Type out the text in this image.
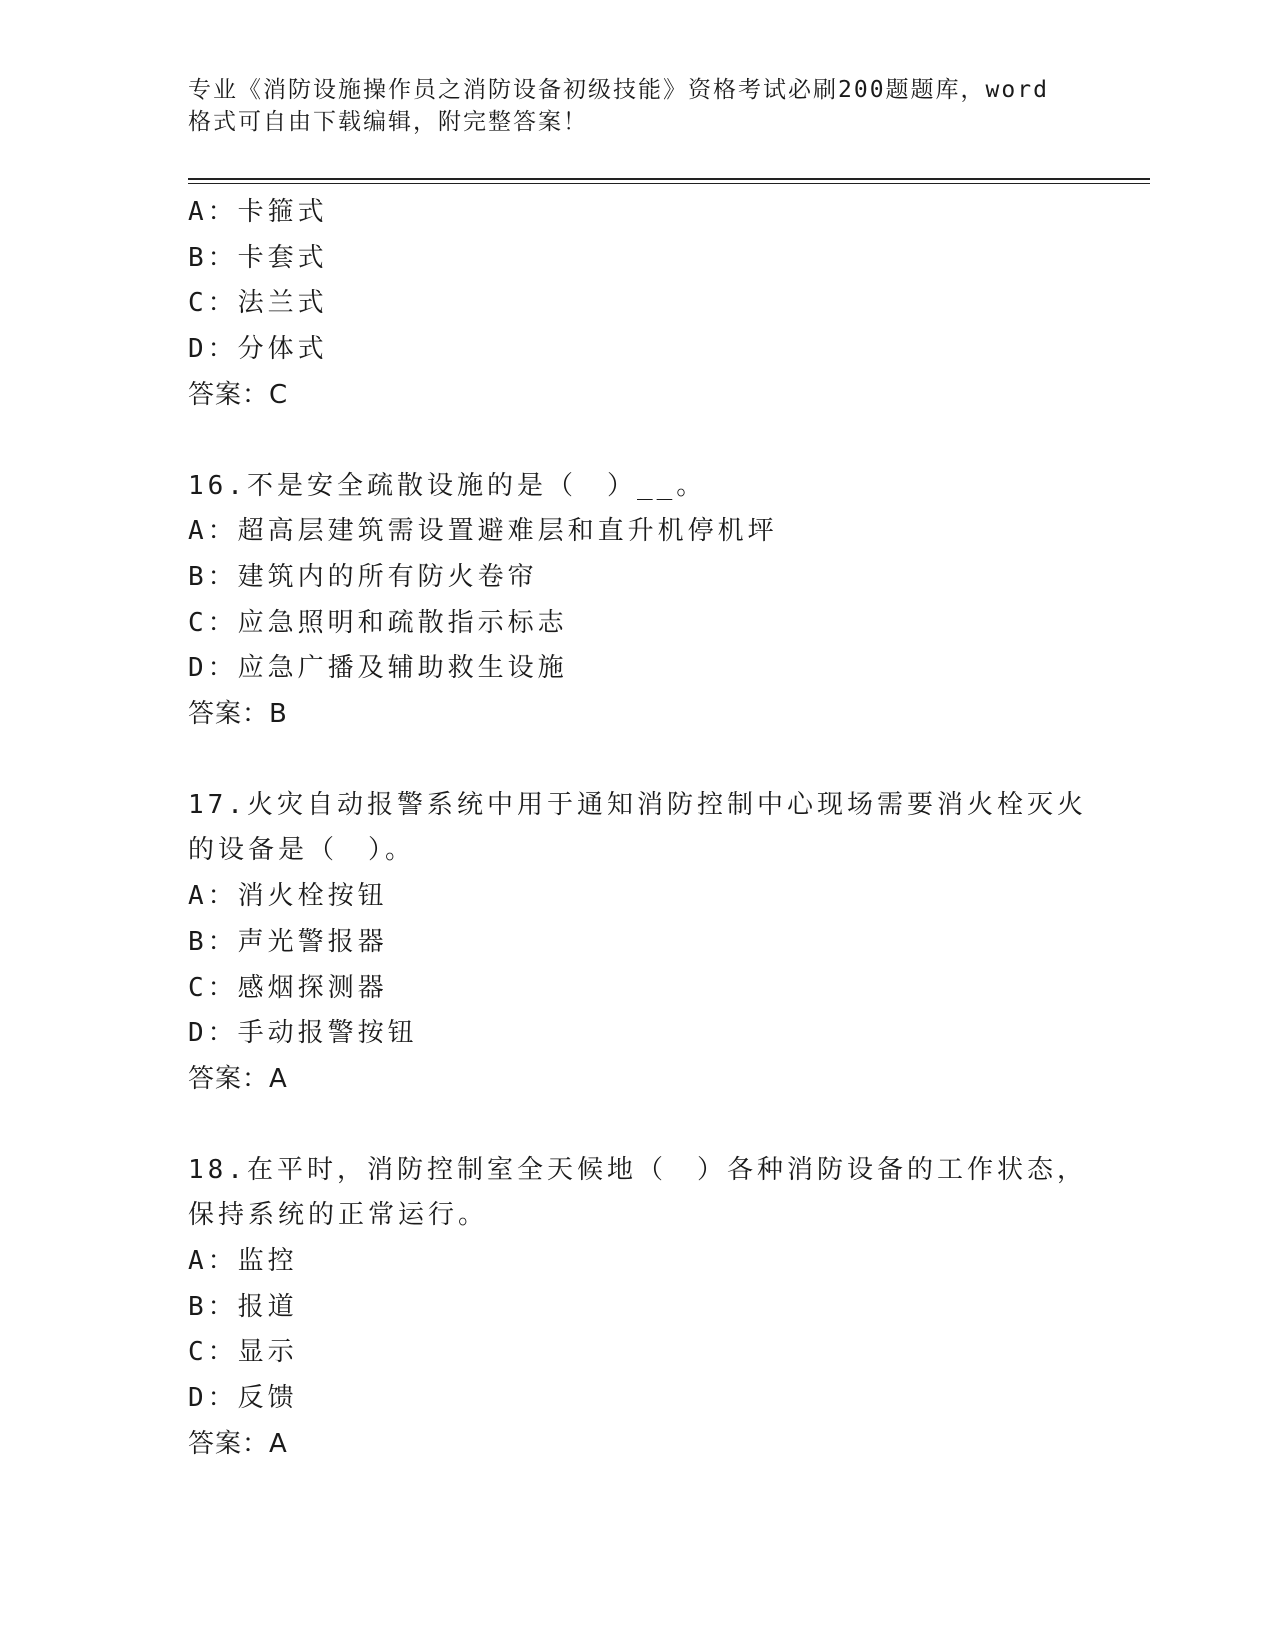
专业《消防设施操作员之消防设备初级技能》资格考试必刷200题题库，word格式可自由下载编辑，附完整答案！
A：卡箍式
B：卡套式
C：法兰式
D：分体式
答案：C
16.不是安全疏散设施的是（　）__。
A：超高层建筑需设置避难层和直升机停机坪
B：建筑内的所有防火卷帘
C：应急照明和疏散指示标志
D：应急广播及辅助救生设施
答案：B
17.火灾自动报警系统中用于通知消防控制中心现场需要消火栓灭火的设备是（　）。
A：消火栓按钮
B：声光警报器
C：感烟探测器
D：手动报警按钮
答案：A
18.在平时，消防控制室全天候地（　）各种消防设备的工作状态，保持系统的正常运行。
A：监控
B：报道
C：显示
D：反馈
答案：A
